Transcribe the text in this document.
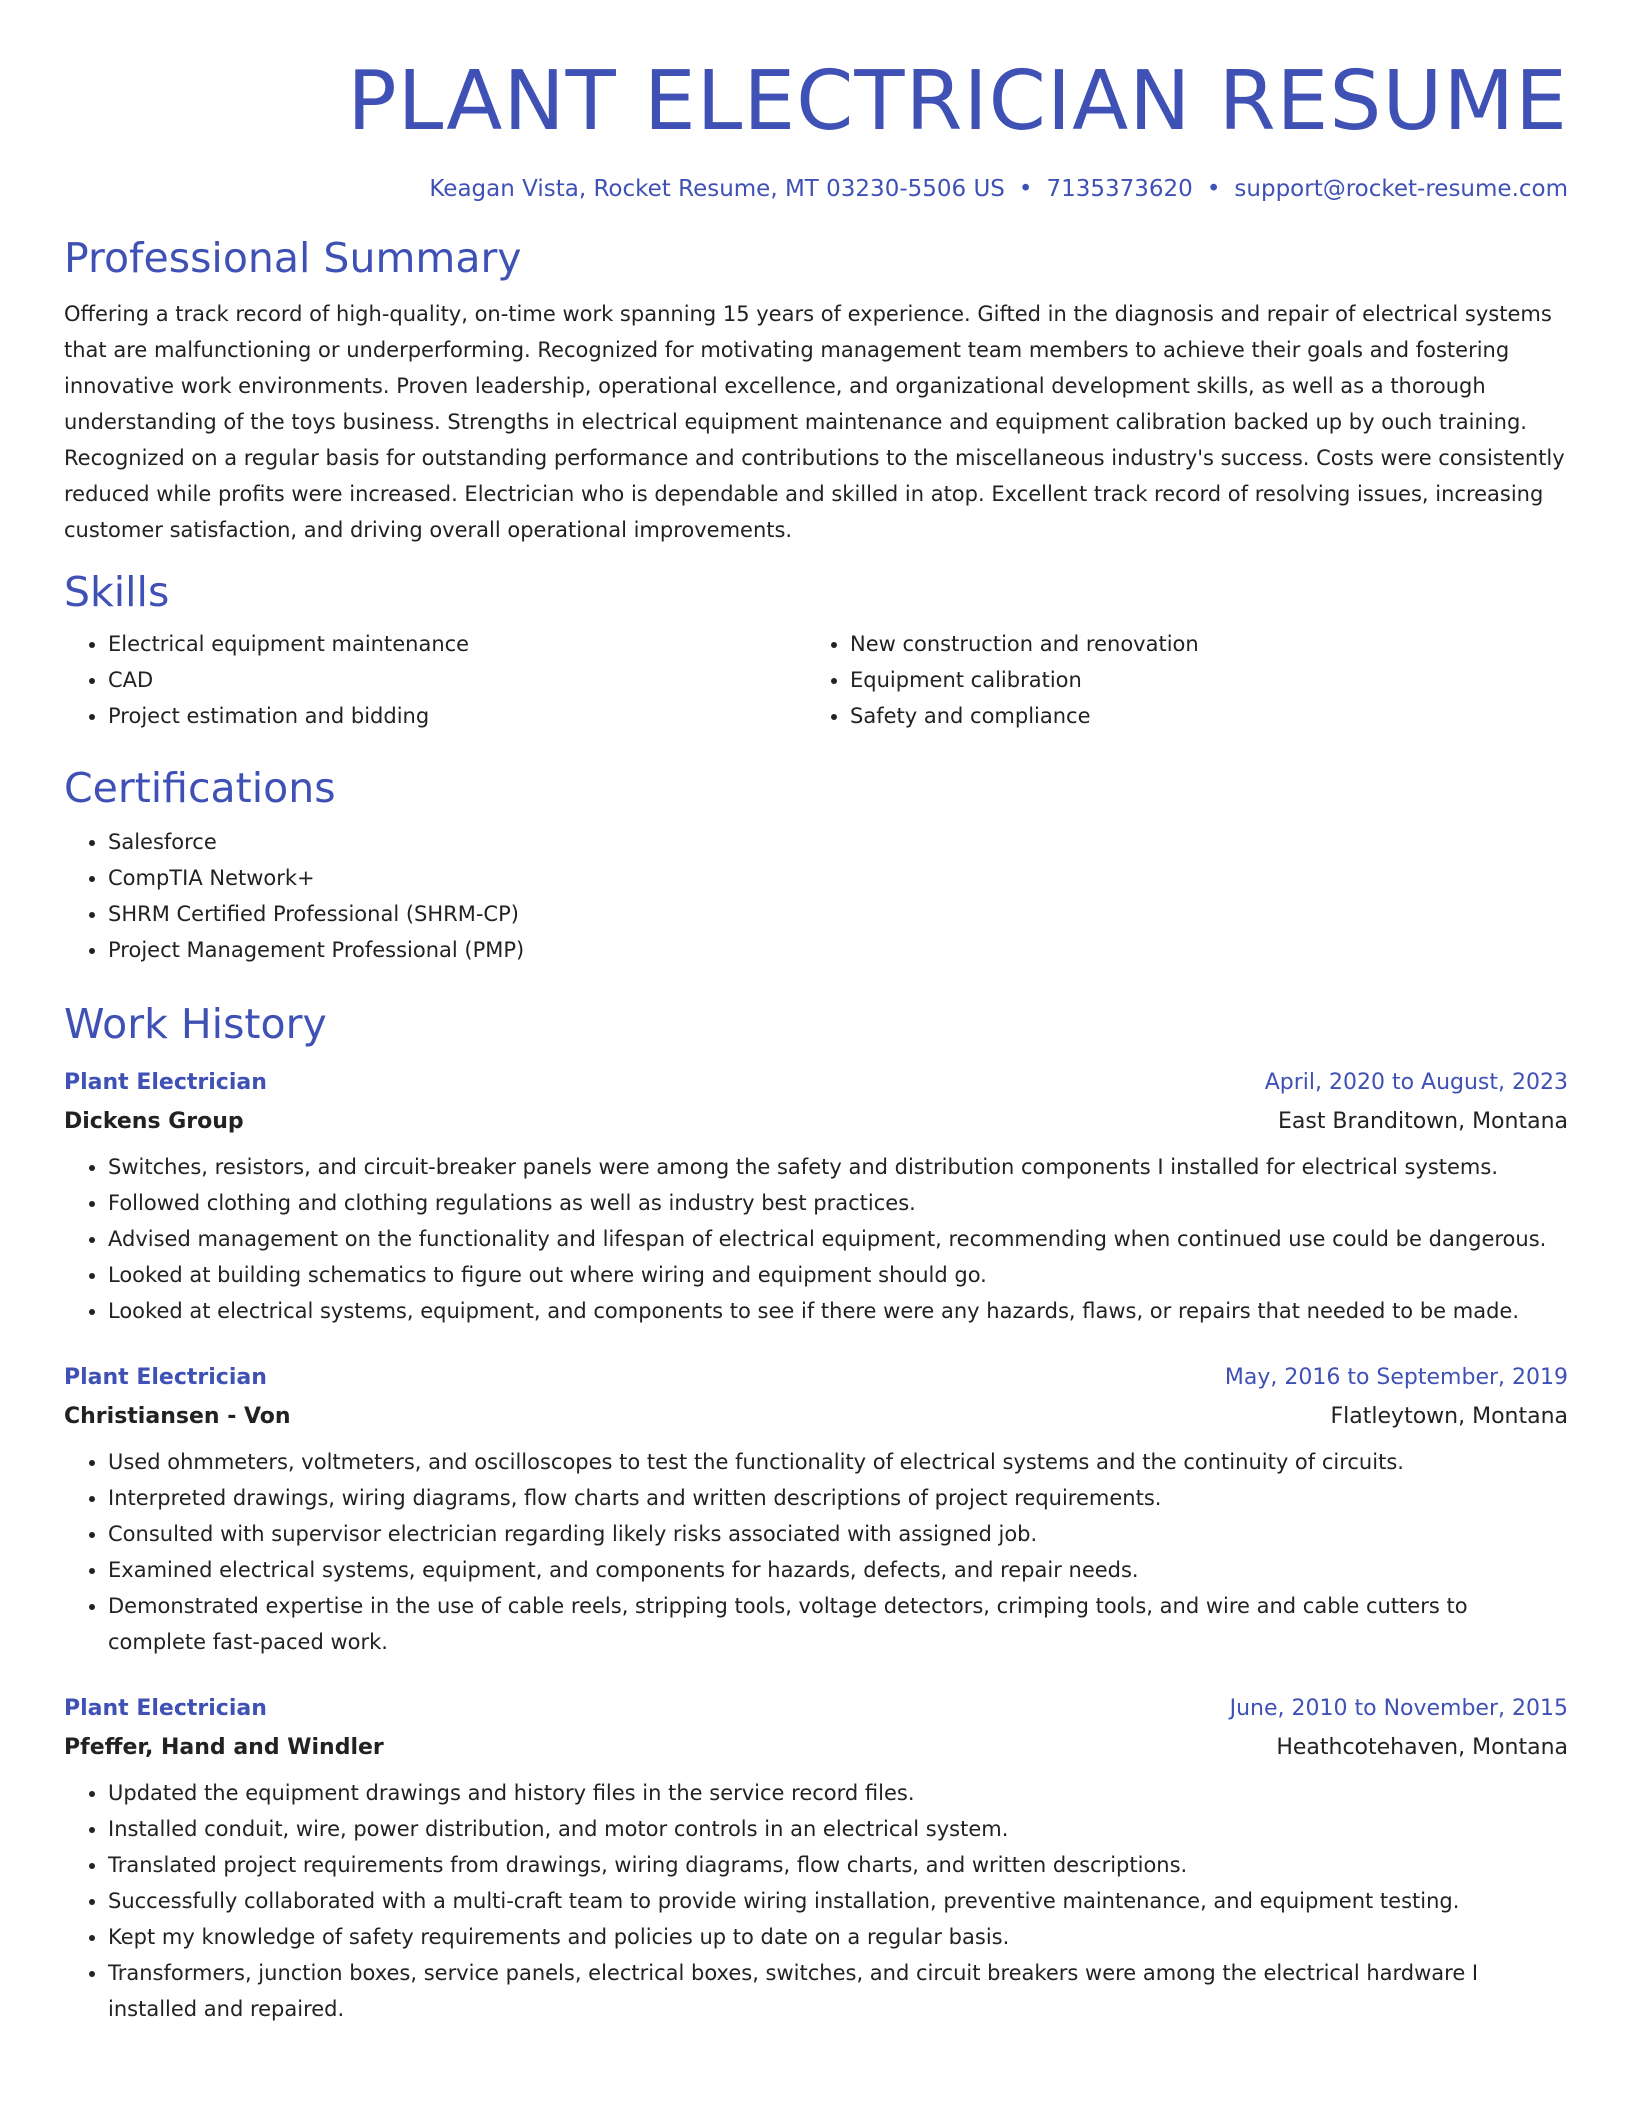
PLANT ELECTRICIAN RESUME
Keagan Vista, Rocket Resume, MT 03230-5506 US • 7135373620 • support@rocket-resume.com
Professional Summary

Offering a track record of high-quality, on-time work spanning 15 years of experience. Gifted in the diagnosis and repair of electrical systems that are malfunctioning or underperforming. Recognized for motivating management team members to achieve their goals and fostering innovative work environments. Proven leadership, operational excellence, and organizational development skills, as well as a thorough understanding of the toys business. Strengths in electrical equipment maintenance and equipment calibration backed up by ouch training. Recognized on a regular basis for outstanding performance and contributions to the miscellaneous industry's success. Costs were consistently reduced while profits were increased. Electrician who is dependable and skilled in atop. Excellent track record of resolving issues, increasing customer satisfaction, and driving overall operational improvements.

Skills
• Electrical equipment maintenance
• CAD
• Project estimation and bidding
• New construction and renovation
• Equipment calibration
• Safety and compliance
Certifications
• Salesforce
• CompTIA Network+
• SHRM Certified Professional (SHRM-CP)
• Project Management Professional (PMP)
Work History
Plant Electrician	April, 2020 to August, 2023
Dickens Group	East Branditown, Montana
• Switches, resistors, and circuit-breaker panels were among the safety and distribution components I installed for electrical systems.
• Followed clothing and clothing regulations as well as industry best practices.
• Advised management on the functionality and lifespan of electrical equipment, recommending when continued use could be dangerous.
• Looked at building schematics to figure out where wiring and equipment should go.
• Looked at electrical systems, equipment, and components to see if there were any hazards, flaws, or repairs that needed to be made.
Plant Electrician	May, 2016 to September, 2019
Christiansen - Von	Flatleytown, Montana
• Used ohmmeters, voltmeters, and oscilloscopes to test the functionality of electrical systems and the continuity of circuits.
• Interpreted drawings, wiring diagrams, flow charts and written descriptions of project requirements.
• Consulted with supervisor electrician regarding likely risks associated with assigned job.
• Examined electrical systems, equipment, and components for hazards, defects, and repair needs.
• Demonstrated expertise in the use of cable reels, stripping tools, voltage detectors, crimping tools, and wire and cable cutters to complete fast-paced work.
Plant Electrician	June, 2010 to November, 2015
Pfeffer, Hand and Windler	Heathcotehaven, Montana
• Updated the equipment drawings and history files in the service record files.
• Installed conduit, wire, power distribution, and motor controls in an electrical system.
• Translated project requirements from drawings, wiring diagrams, flow charts, and written descriptions.
• Successfully collaborated with a multi-craft team to provide wiring installation, preventive maintenance, and equipment testing.
• Kept my knowledge of safety requirements and policies up to date on a regular basis.
• Transformers, junction boxes, service panels, electrical boxes, switches, and circuit breakers were among the electrical hardware I installed and repaired.
